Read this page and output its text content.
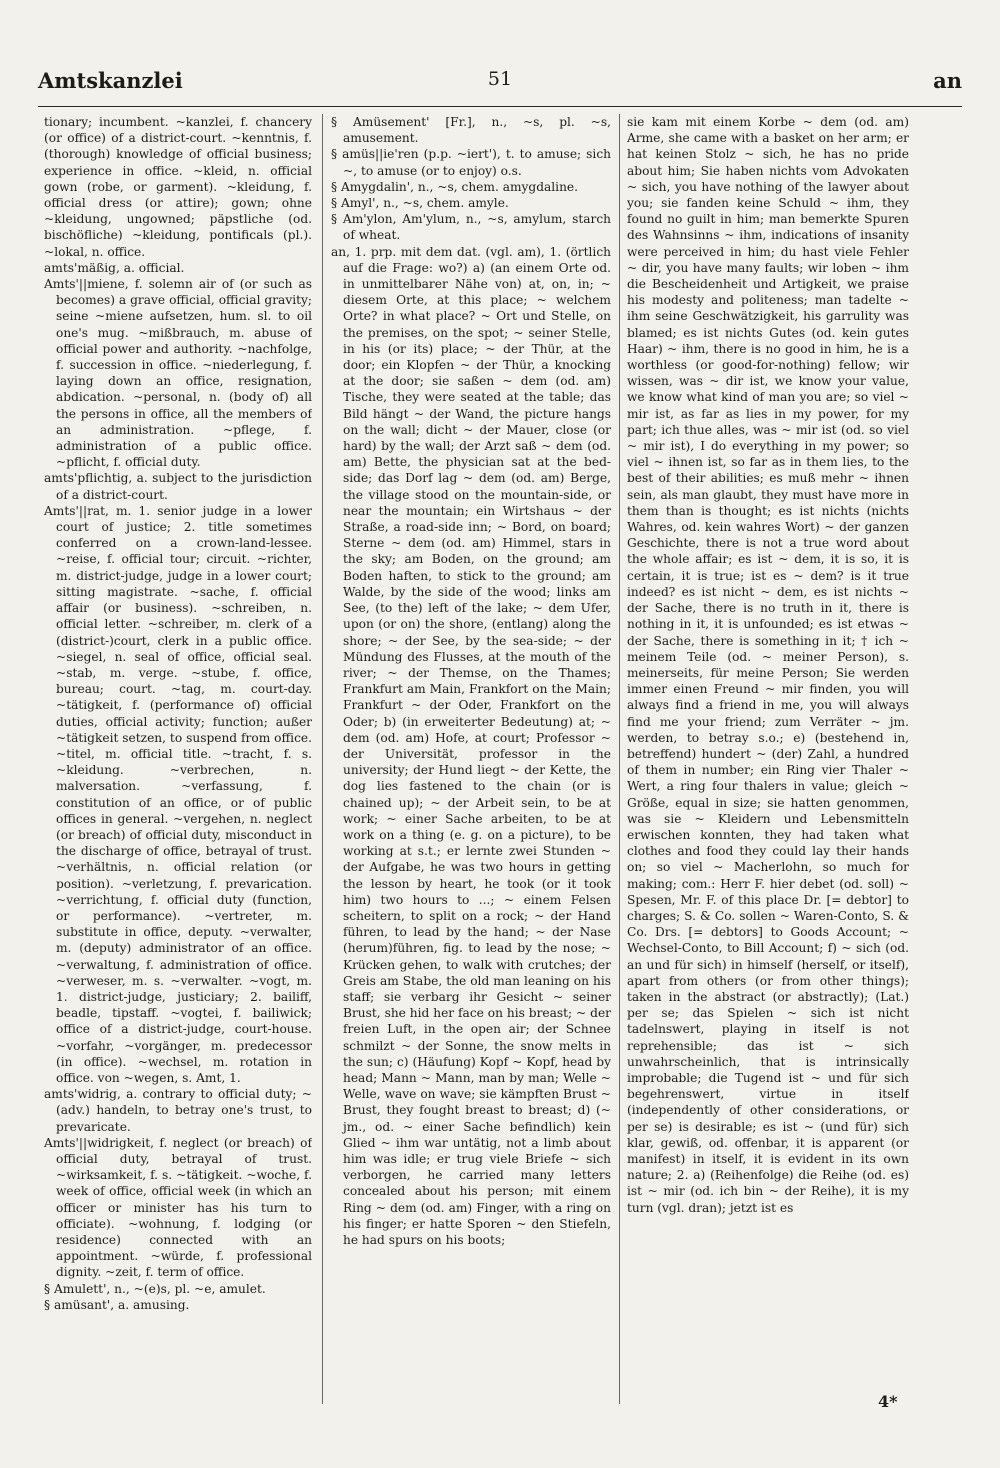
Amtskanzlei	51	an

tionary; incumbent. ~kanzlei, f. chancery (or office) of a district-court. ~kenntnis, f. (thorough) knowledge of official business; experience in office. ~kleid, n. official gown (robe, or garment). ~kleidung, f. official dress (or attire); gown; ohne ~kleidung, ungowned; päpstliche (od. bischöfliche) ~kleidung, pontificals (pl.). ~lokal, n. office.

amts'mäßig, a. official.

Amts'||miene, f. solemn air of (or such as becomes) a grave official, official gravity; seine ~miene aufsetzen, hum. sl. to oil one's mug. ~mißbrauch, m. abuse of official power and authority. ~nachfolge, f. succession in office. ~niederlegung, f. laying down an office, resignation, abdication. ~personal, n. (body of) all the persons in office, all the members of an administration. ~pflege, f. administration of a public office. ~pflicht, f. official duty.

amts'pflichtig, a. subject to the jurisdiction of a district-court.

Amts'||rat, m. 1. senior judge in a lower court of justice; 2. title sometimes conferred on a crown-land-lessee. ~reise, f. official tour; circuit. ~richter, m. district-judge, judge in a lower court; sitting magistrate. ~sache, f. official affair (or business). ~schreiben, n. official letter. ~schreiber, m. clerk of a (district-)court, clerk in a public office. ~siegel, n. seal of office, official seal. ~stab, m. verge. ~stube, f. office, bureau; court. ~tag, m. court-day. ~tätigkeit, f. (performance of) official duties, official activity; function; außer ~tätigkeit setzen, to suspend from office. ~titel, m. official title. ~tracht, f. s. ~kleidung. ~verbrechen, n. malversation. ~verfassung, f. constitution of an office, or of public offices in general. ~vergehen, n. neglect (or breach) of official duty, misconduct in the discharge of office, betrayal of trust. ~verhältnis, n. official relation (or position). ~verletzung, f. prevarication. ~verrichtung, f. official duty (function, or performance). ~vertreter, m. substitute in office, deputy. ~verwalter, m. (deputy) administrator of an office. ~verwaltung, f. administration of office. ~verweser, m. s. ~verwalter. ~vogt, m. 1. district-judge, justiciary; 2. bailiff, beadle, tipstaff. ~vogtei, f. bailiwick; office of a district-judge, court-house. ~vorfahr, ~vorgänger, m. predecessor (in office). ~wechsel, m. rotation in office. von ~wegen, s. Amt, 1.

amts'widrig, a. contrary to official duty; ~ (adv.) handeln, to betray one's trust, to prevaricate.

Amts'||widrigkeit, f. neglect (or breach) of official duty, betrayal of trust. ~wirksamkeit, f. s. ~tätigkeit. ~woche, f. week of office, official week (in which an officer or minister has his turn to officiate). ~wohnung, f. lodging (or residence) connected with an appointment. ~würde, f. professional dignity. ~zeit, f. term of office.

§ Amulett', n., ~(e)s, pl. ~e, amulet.

§ amüsant', a. amusing.

§ Amüsement' [Fr.], n., ~s, pl. ~s, amusement.

§ amüs||ie'ren (p.p. ~iert'), t. to amuse; sich ~, to amuse (or to enjoy) o.s.

§ Amygdalin', n., ~s, chem. amygdaline.

§ Amyl', n., ~s, chem. amyle.

§ Am'ylon, Am'ylum, n., ~s, amylum, starch of wheat.

an, 1. prp. mit dem dat. (vgl. am), 1. (örtlich auf die Frage: wo?) a) (an einem Orte od. in unmittelbarer Nähe von) at, on, in; ~ diesem Orte, at this place; ~ welchem Orte? in what place? ~ Ort und Stelle, on the premises, on the spot; ~ seiner Stelle, in his (or its) place; ~ der Thür, at the door; ein Klopfen ~ der Thür, a knocking at the door; sie saßen ~ dem (od. am) Tische, they were seated at the table; das Bild hängt ~ der Wand, the picture hangs on the wall; dicht ~ der Mauer, close (or hard) by the wall; der Arzt saß ~ dem (od. am) Bette, the physician sat at the bed-side; das Dorf lag ~ dem (od. am) Berge, the village stood on the mountain-side, or near the mountain; ein Wirtshaus ~ der Straße, a road-side inn; ~ Bord, on board; Sterne ~ dem (od. am) Himmel, stars in the sky; am Boden, on the ground; am Boden haften, to stick to the ground; am Walde, by the side of the wood; links am See, (to the) left of the lake; ~ dem Ufer, upon (or on) the shore, (entlang) along the shore; ~ der See, by the sea-side; ~ der Mündung des Flusses, at the mouth of the river; ~ der Themse, on the Thames; Frankfurt am Main, Frankfort on the Main; Frankfurt ~ der Oder, Frankfort on the Oder; b) (in erweiterter Bedeutung) at; ~ dem (od. am) Hofe, at court; Professor ~ der Universität, professor in the university; der Hund liegt ~ der Kette, the dog lies fastened to the chain (or is chained up); ~ der Arbeit sein, to be at work; ~ einer Sache arbeiten, to be at work on a thing (e. g. on a picture), to be working at s.t.; er lernte zwei Stunden ~ der Aufgabe, he was two hours in getting the lesson by heart, he took (or it took him) two hours to ...; ~ einem Felsen scheitern, to split on a rock; ~ der Hand führen, to lead by the hand; ~ der Nase (herum)führen, fig. to lead by the nose; ~ Krücken gehen, to walk with crutches; der Greis am Stabe, the old man leaning on his staff; sie verbarg ihr Gesicht ~ seiner Brust, she hid her face on his breast; ~ der freien Luft, in the open air; der Schnee schmilzt ~ der Sonne, the snow melts in the sun; c) (Häufung) Kopf ~ Kopf, head by head; Mann ~ Mann, man by man; Welle ~ Welle, wave on wave; sie kämpften Brust ~ Brust, they fought breast to breast; d) (~ jm., od. ~ einer Sache befindlich) kein Glied ~ ihm war untätig, not a limb about him was idle; er trug viele Briefe ~ sich verborgen, he carried many letters concealed about his person; mit einem Ring ~ dem (od. am) Finger, with a ring on his finger; er hatte Sporen ~ den Stiefeln, he had spurs on his boots;

sie kam mit einem Korbe ~ dem (od. am) Arme, she came with a basket on her arm; er hat keinen Stolz ~ sich, he has no pride about him; Sie haben nichts vom Advokaten ~ sich, you have nothing of the lawyer about you; sie fanden keine Schuld ~ ihm, they found no guilt in him; man bemerkte Spuren des Wahnsinns ~ ihm, indications of insanity were perceived in him; du hast viele Fehler ~ dir, you have many faults; wir loben ~ ihm die Bescheidenheit und Artigkeit, we praise his modesty and politeness; man tadelte ~ ihm seine Geschwätzigkeit, his garrulity was blamed; es ist nichts Gutes (od. kein gutes Haar) ~ ihm, there is no good in him, he is a worthless (or good-for-nothing) fellow; wir wissen, was ~ dir ist, we know your value, we know what kind of man you are; so viel ~ mir ist, as far as lies in my power, for my part; ich thue alles, was ~ mir ist (od. so viel ~ mir ist), I do everything in my power; so viel ~ ihnen ist, so far as in them lies, to the best of their abilities; es muß mehr ~ ihnen sein, als man glaubt, they must have more in them than is thought; es ist nichts (nichts Wahres, od. kein wahres Wort) ~ der ganzen Geschichte, there is not a true word about the whole affair; es ist ~ dem, it is so, it is certain, it is true; ist es ~ dem? is it true indeed? es ist nicht ~ dem, es ist nichts ~ der Sache, there is no truth in it, there is nothing in it, it is unfounded; es ist etwas ~ der Sache, there is something in it; † ich ~ meinem Teile (od. ~ meiner Person), s. meinerseits, für meine Person; Sie werden immer einen Freund ~ mir finden, you will always find a friend in me, you will always find me your friend; zum Verräter ~ jm. werden, to betray s.o.; e) (bestehend in, betreffend) hundert ~ (der) Zahl, a hundred of them in number; ein Ring vier Thaler ~ Wert, a ring four thalers in value; gleich ~ Größe, equal in size; sie hatten genommen, was sie ~ Kleidern und Lebensmitteln erwischen konnten, they had taken what clothes and food they could lay their hands on; so viel ~ Macherlohn, so much for making; com.: Herr F. hier debet (od. soll) ~ Spesen, Mr. F. of this place Dr. [= debtor] to charges; S. & Co. sollen ~ Waren-Conto, S. & Co. Drs. [= debtors] to Goods Account; ~ Wechsel-Conto, to Bill Account; f) ~ sich (od. an und für sich) in himself (herself, or itself), apart from others (or from other things); taken in the abstract (or abstractly); (Lat.) per se; das Spielen ~ sich ist nicht tadelnswert, playing in itself is not reprehensible; das ist ~ sich unwahrscheinlich, that is intrinsically improbable; die Tugend ist ~ und für sich begehrenswert, virtue in itself (independently of other considerations, or per se) is desirable; es ist ~ (und für) sich klar, gewiß, od. offenbar, it is apparent (or manifest) in itself, it is evident in its own nature; 2. a) (Reihenfolge) die Reihe (od. es) ist ~ mir (od. ich bin ~ der Reihe), it is my turn (vgl. dran); jetzt ist es

4*
